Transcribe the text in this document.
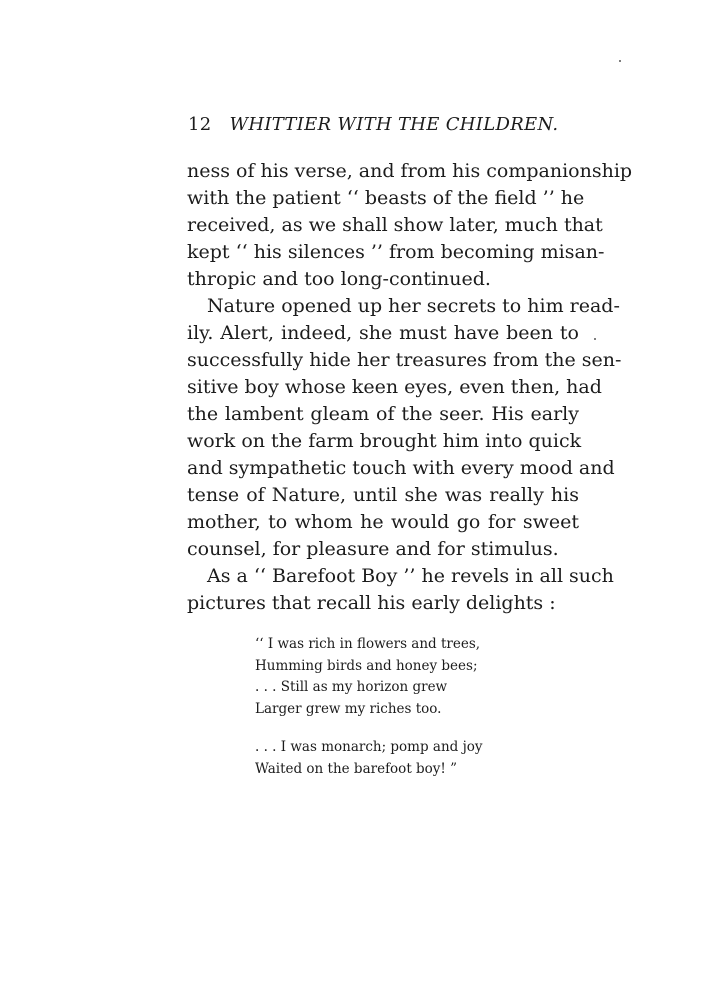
12 WHITTIER WITH THE CHILDREN.
ness of his verse, and from his companionship
with the patient ‘‘ beasts of the field ’’ he
received, as we shall show later, much that
kept ‘‘ his silences ’’ from becoming misan-
thropic and too long-continued.
Nature opened up her secrets to him read-
ily. Alert, indeed, she must have been to
successfully hide her treasures from the sen-
sitive boy whose keen eyes, even then, had
the lambent gleam of the seer. His early
work on the farm brought him into quick
and sympathetic touch with every mood and
tense of Nature, until she was really his
mother, to whom he would go for sweet
counsel, for pleasure and for stimulus.
As a ‘‘ Barefoot Boy ’’ he revels in all such
pictures that recall his early delights :
‘‘ I was rich in flowers and trees,
Humming birds and honey bees;
. . . Still as my horizon grew
Larger grew my riches too.
. . . I was monarch; pomp and joy
Waited on the barefoot boy! ”
